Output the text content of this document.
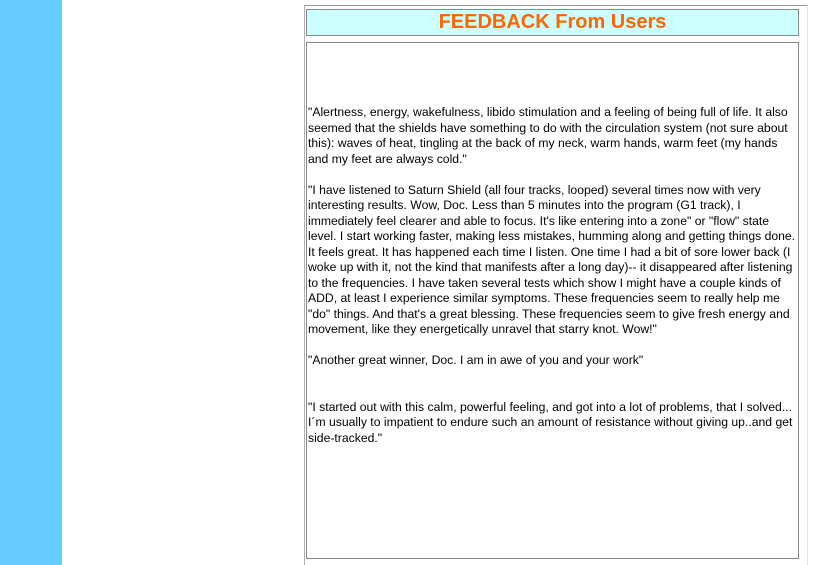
FEEDBACK From Users

"Alertness, energy, wakefulness, libido stimulation and a feeling of being full of life. It also seemed that the shields have something to do with the circulation system (not sure about this): waves of heat, tingling at the back of my neck, warm hands, warm feet (my hands and my feet are always cold."

"I have listened to Saturn Shield (all four tracks, looped) several times now with very interesting results. Wow, Doc. Less than 5 minutes into the program (G1 track), I immediately feel clearer and able to focus. It's like entering into a zone" or "flow" state level. I start working faster, making less mistakes, humming along and getting things done. It feels great. It has happened each time I listen. One time I had a bit of sore lower back (I woke up with it, not the kind that manifests after a long day)-- it disappeared after listening to the frequencies. I have taken several tests which show I might have a couple kinds of ADD, at least I experience similar symptoms. These frequencies seem to really help me "do" things. And that's a great blessing. These frequencies seem to give fresh energy and movement, like they energetically unravel that starry knot. Wow!"

"Another great winner, Doc. I am in awe of you and your work"

"I started out with this calm, powerful feeling, and got into a lot of problems, that I solved... I´m usually to impatient to endure such an amount of resistance without giving up..and get side-tracked."
